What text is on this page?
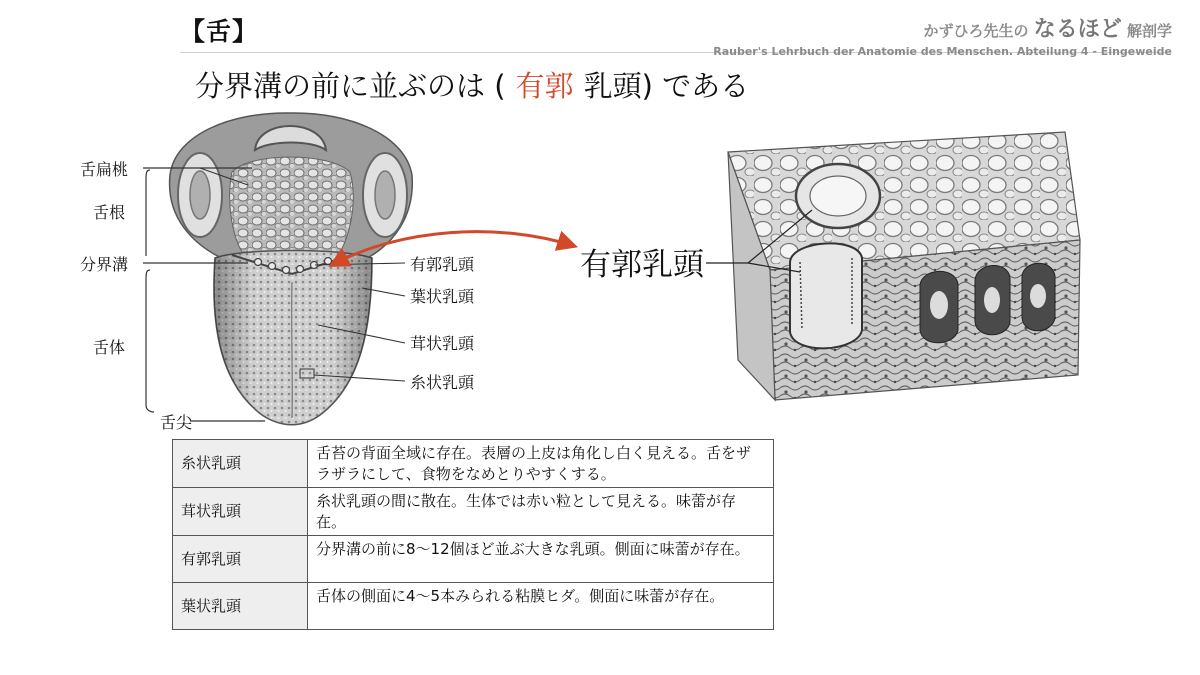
【舌】	かずひろ先生の なるほど 解剖学
Rauber's Lehrbuch der Anatomie des Menschen. Abteilung 4 - Eingeweide
分界溝の前に並ぶのは ( 有郭 乳頭) である
舌扁桃
舌根
分界溝
舌体
舌尖
有郭乳頭
葉状乳頭
茸状乳頭
糸状乳頭
有郭乳頭
糸状乳頭	舌苔の背面全域に存在。表層の上皮は角化し白く見える。舌をザラザラにして、食物をなめとりやすくする。
茸状乳頭	糸状乳頭の間に散在。生体では赤い粒として見える。味蕾が存在。
有郭乳頭	分界溝の前に8〜12個ほど並ぶ大きな乳頭。側面に味蕾が存在。
葉状乳頭	舌体の側面に4〜5本みられる粘膜ヒダ。側面に味蕾が存在。
